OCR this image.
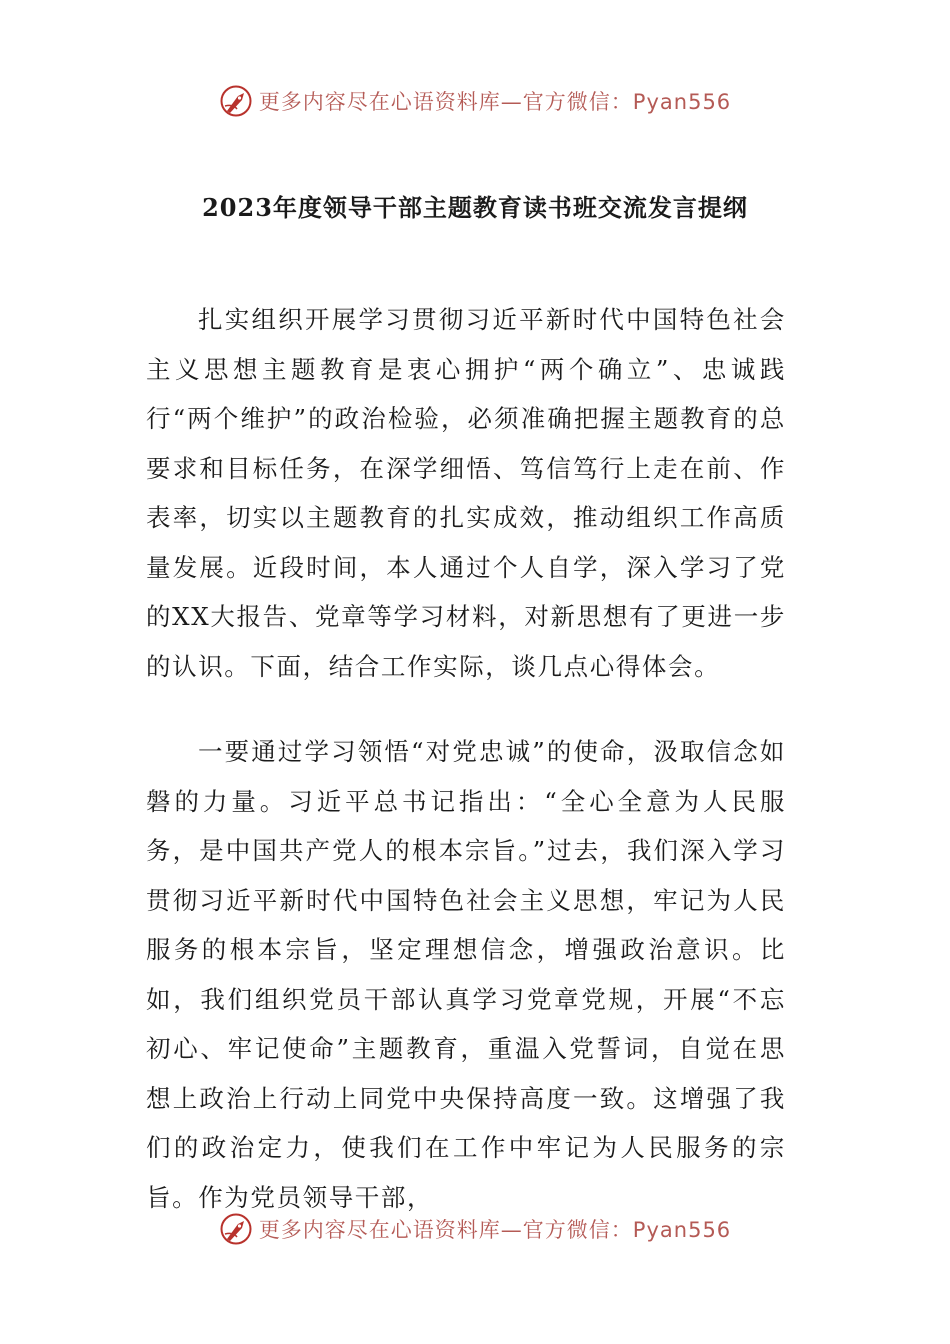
更多内容尽在心语资料库—官方微信：Pyan556
2023年度领导干部主题教育读书班交流发言提纲

扎实组织开展学习贯彻习近平新时代中国特色社会主义思想主题教育是衷心拥护“两个确立”、忠诚践行“两个维护”的政治检验，必须准确把握主题教育的总要求和目标任务，在深学细悟、笃信笃行上走在前、作表率，切实以主题教育的扎实成效，推动组织工作高质量发展。近段时间，本人通过个人自学，深入学习了党的XX大报告、党章等学习材料，对新思想有了更进一步的认识。下面，结合工作实际，谈几点心得体会。

一要通过学习领悟“对党忠诚”的使命，汲取信念如磐的力量。习近平总书记指出：“全心全意为人民服务，是中国共产党人的根本宗旨。”过去，我们深入学习贯彻习近平新时代中国特色社会主义思想，牢记为人民服务的根本宗旨，坚定理想信念，增强政治意识。比如，我们组织党员干部认真学习党章党规，开展“不忘初心、牢记使命”主题教育，重温入党誓词，自觉在思想上政治上行动上同党中央保持高度一致。这增强了我们的政治定力，使我们在工作中牢记为人民服务的宗旨。作为党员领导干部，

更多内容尽在心语资料库—官方微信：Pyan556
